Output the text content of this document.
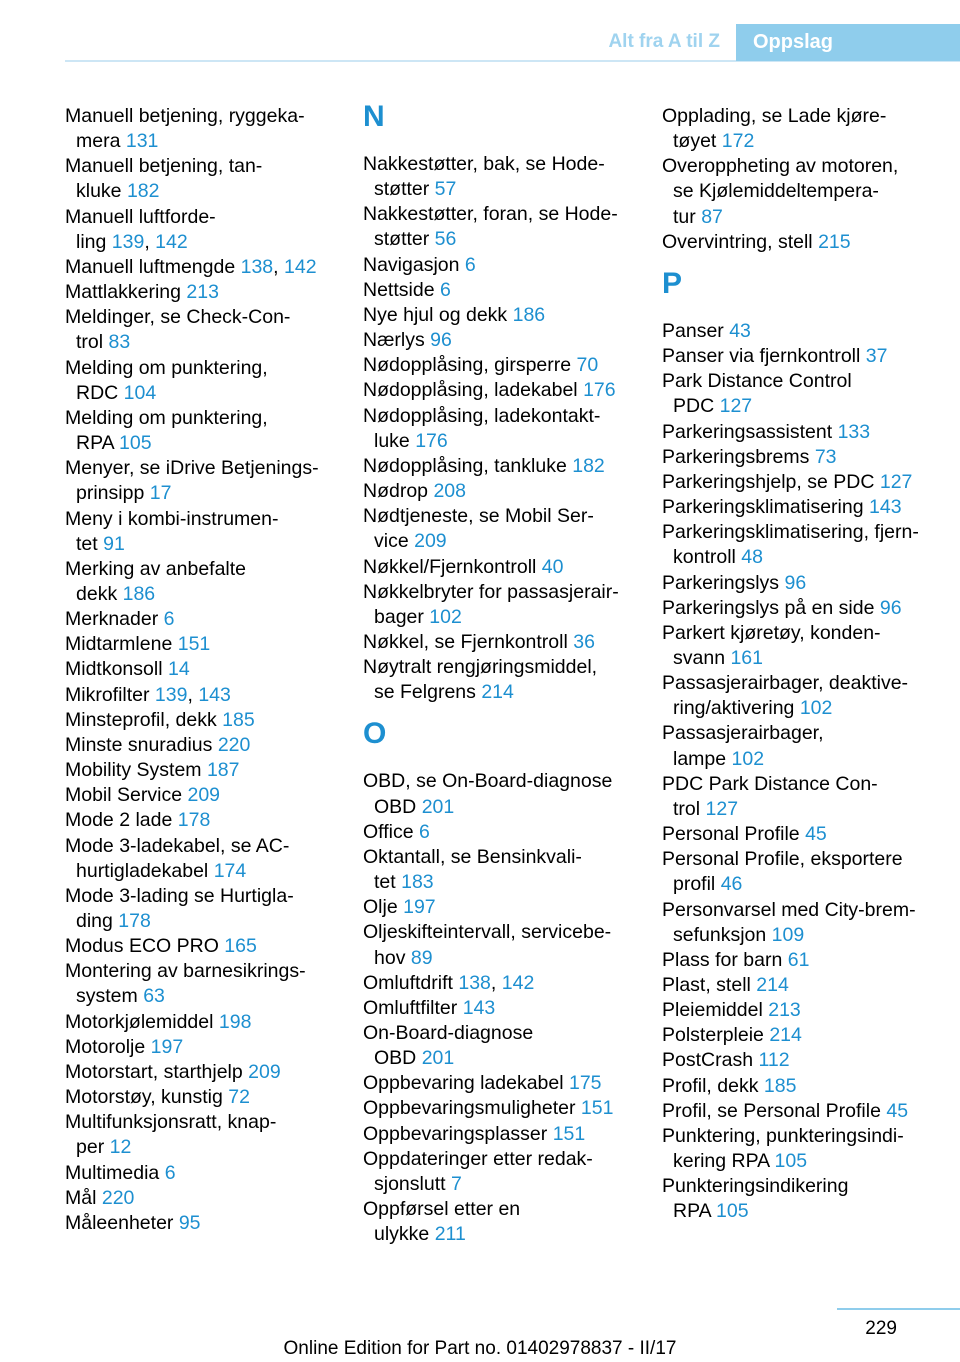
Alt fra A til Z	Oppslag
Manuell betjening, ryggeka-
mera 131
Manuell betjening, tan-
kluke 182
Manuell luftforde-
ling 139, 142
Manuell luftmengde 138, 142
Mattlakkering 213
Meldinger, se Check-Con-
trol 83
Melding om punktering,
RDC 104
Melding om punktering,
RPA 105
Menyer, se iDrive Betjenings-
prinsipp 17
Meny i kombi-instrumen-
tet 91
Merking av anbefalte
dekk 186
Merknader 6
Midtarmlene 151
Midtkonsoll 14
Mikrofilter 139, 143
Minsteprofil, dekk 185
Minste snuradius 220
Mobility System 187
Mobil Service 209
Mode 2 lade 178
Mode 3-ladekabel, se AC-
hurtigladekabel 174
Mode 3-lading se Hurtigla-
ding 178
Modus ECO PRO 165
Montering av barnesikrings-
system 63
Motorkjølemiddel 198
Motorolje 197
Motorstart, starthjelp 209
Motorstøy, kunstig 72
Multifunksjonsratt, knap-
per 12
Multimedia 6
Mål 220
Måleenheter 95
N
Nakkestøtter, bak, se Hode-
støtter 57
Nakkestøtter, foran, se Hode-
støtter 56
Navigasjon 6
Nettside 6
Nye hjul og dekk 186
Nærlys 96
Nødopplåsing, girsperre 70
Nødopplåsing, ladekabel 176
Nødopplåsing, ladekontakt-
luke 176
Nødopplåsing, tankluke 182
Nødrop 208
Nødtjeneste, se Mobil Ser-
vice 209
Nøkkel/Fjernkontroll 40
Nøkkelbryter for passasjerair-
bager 102
Nøkkel, se Fjernkontroll 36
Nøytralt rengjøringsmiddel,
se Felgrens 214
O
OBD, se On-Board-diagnose
OBD 201
Office 6
Oktantall, se Bensinkvali-
tet 183
Olje 197
Oljeskifteintervall, servicebe-
hov 89
Omluftdrift 138, 142
Omluftfilter 143
On-Board-diagnose
OBD 201
Oppbevaring ladekabel 175
Oppbevaringsmuligheter 151
Oppbevaringsplasser 151
Oppdateringer etter redak-
sjonslutt 7
Oppførsel etter en
ulykke 211
Opplading, se Lade kjøre-
tøyet 172
Overoppheting av motoren,
se Kjølemiddeltempera-
tur 87
Overvintring, stell 215
P
Panser 43
Panser via fjernkontroll 37
Park Distance Control
PDC 127
Parkeringsassistent 133
Parkeringsbrems 73
Parkeringshjelp, se PDC 127
Parkeringsklimatisering 143
Parkeringsklimatisering, fjern-
kontroll 48
Parkeringslys 96
Parkeringslys på en side 96
Parkert kjøretøy, konden-
svann 161
Passasjerairbager, deaktive-
ring/aktivering 102
Passasjerairbager,
lampe 102
PDC Park Distance Con-
trol 127
Personal Profile 45
Personal Profile, eksportere
profil 46
Personvarsel med City-brem-
sefunksjon 109
Plass for barn 61
Plast, stell 214
Pleiemiddel 213
Polsterpleie 214
PostCrash 112
Profil, dekk 185
Profil, se Personal Profile 45
Punktering, punkteringsindi-
kering RPA 105
Punkteringsindikering
RPA 105
229
Online Edition for Part no. 01402978837 - II/17
